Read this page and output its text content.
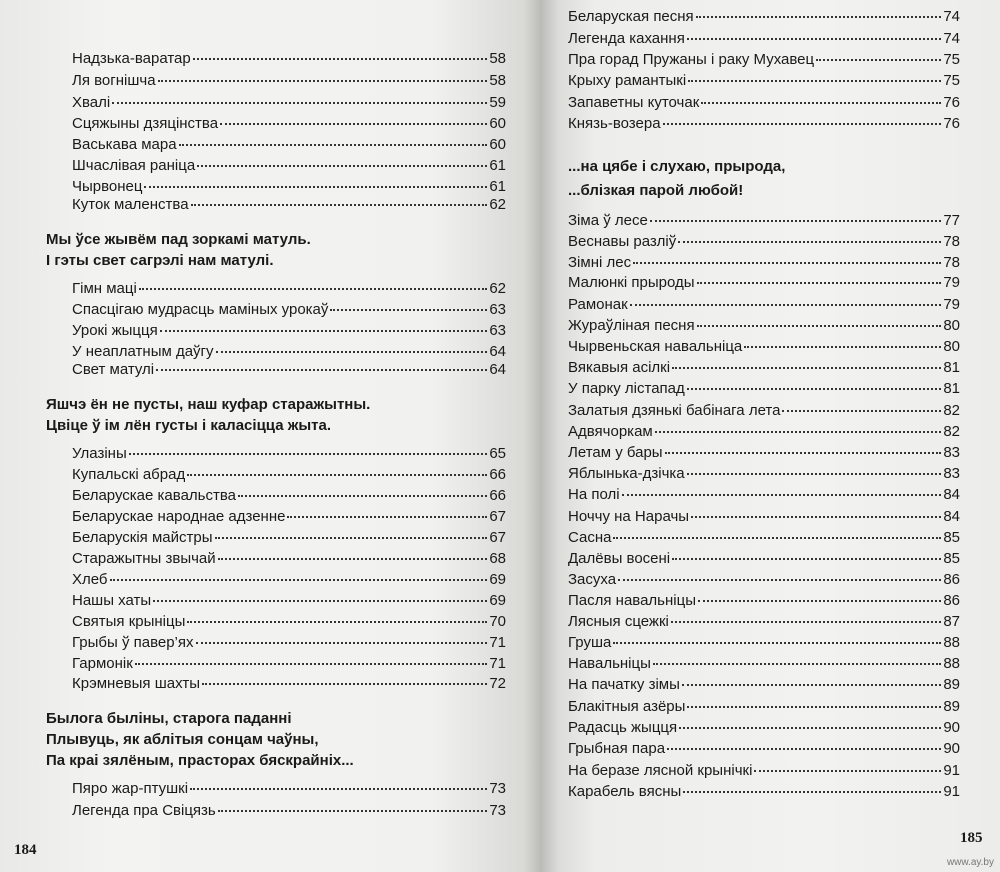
Надзька-варатар	58
Ля вогнішча	58
Хвалі	59
Сцяжыны дзяцінства	60
Васькава мара	60
Шчаслівая раніца	61
Чырвонец	61
Куток маленства	62
Мы ўсе жывём пад зоркамі матуль.
І гэты свет сагрэлі нам матулі.
Гімн маці	62
Спасцігаю мудрасць маміных урокаў	63
Урокі жыцця	63
У неаплатным даўгу	64
Свет матулі	64
Яшчэ ён не пусты, наш куфар старажытны.
Цвіце ў ім лён густы і каласіцца жыта.
Улазіны	65
Купальскі абрад	66
Беларускае кавальства	66
Беларускае народнае адзенне	67
Беларускія майстры	67
Старажытны звычай	68
Хлеб	69
Нашы хаты	69
Святыя крыніцы	70
Грыбы ў павер’ях	71
Гармонік	71
Крэмневыя шахты	72
Былога быліны, старога паданні
Плывуць, як аблітыя сонцам чаўны,
Па краі зялёным, прасторах бяскрайніх...
Пяро жар-птушкі	73
Легенда пра Свіцязь	73
184
Беларуская песня	74
Легенда кахання	74
Пра горад Пружаны і раку Мухавец	75
Крыху рамантыкі	75
Запаветны куточак	76
Князь-возера	76
...на цябе і слухаю, прырода,
...блізкая парой любой!
Зіма ў лесе	77
Веснавы разліў	78
Зімні лес	78
Малюнкі прыроды	79
Рамонак	79
Жураўліная песня	80
Чырвеньская навальніца	80
Вякавыя асілкі	81
У парку лістапад	81
Залатыя дзянькі бабінага лета	82
Адвячоркам	82
Летам у бары	83
Яблынька-дзічка	83
На полі	84
Ноччу на Нарачы	84
Сасна	85
Далёвы восені	85
Засуха	86
Пасля навальніцы	86
Лясныя сцежкі	87
Груша	88
Навальніцы	88
На пачатку зімы	89
Блакітныя азёры	89
Радасць жыцця	90
Грыбная пара	90
На беразе лясной крынічкі	91
Карабель вясны	91
185
www.ay.by
